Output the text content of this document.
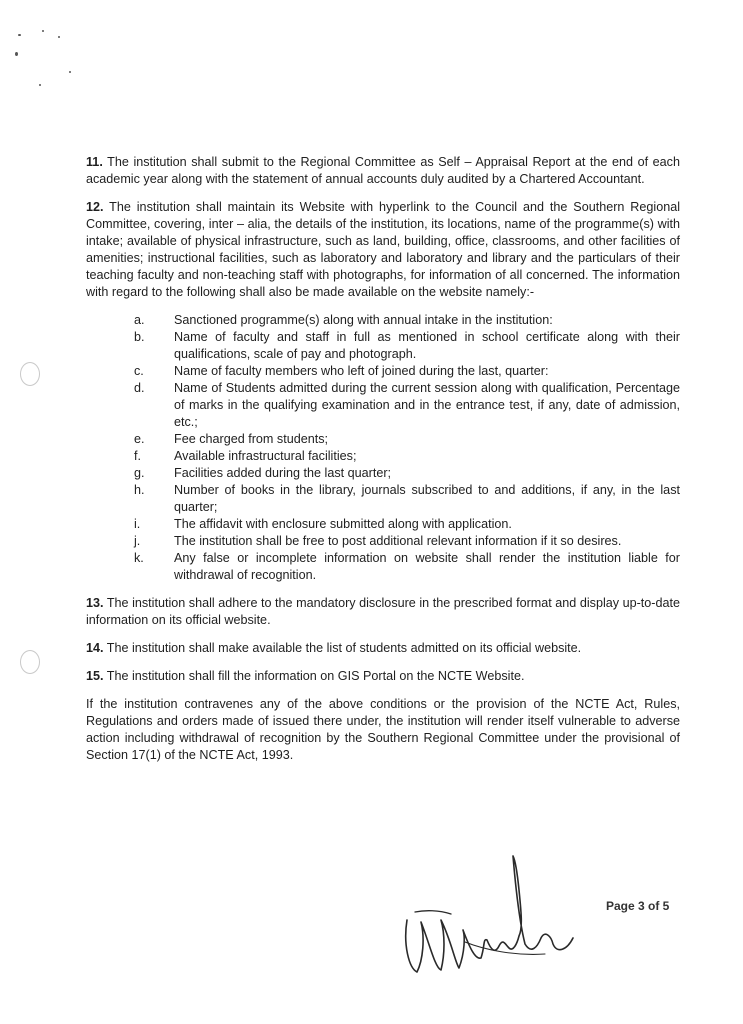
11. The institution shall submit to the Regional Committee as Self – Appraisal Report at the end of each academic year along with the statement of annual accounts duly audited by a Chartered Accountant.

12. The institution shall maintain its Website with hyperlink to the Council and the Southern Regional Committee, covering, inter – alia, the details of the institution, its locations, name of the programme(s) with intake; available of physical infrastructure, such as land, building, office, classrooms, and other facilities of amenities; instructional facilities, such as laboratory and laboratory and library and the particulars of their teaching faculty and non-teaching staff with photographs, for information of all concerned. The information with regard to the following shall also be made available on the website namely:-

a. Sanctioned programme(s) along with annual intake in the institution:
b. Name of faculty and staff in full as mentioned in school certificate along with their qualifications, scale of pay and photograph.
c. Name of faculty members who left of joined during the last, quarter:
d. Name of Students admitted during the current session along with qualification, Percentage of marks in the qualifying examination and in the entrance test, if any, date of admission, etc.;
e. Fee charged from students;
f.	Available infrastructural facilities;
g. Facilities added during the last quarter;
h. Number of books in the library, journals subscribed to and additions, if any, in the last quarter;
i.	The affidavit with enclosure submitted along with application.
j.	The institution shall be free to post additional relevant information if it so desires.
k. Any false or incomplete information on website shall render the institution liable for withdrawal of recognition.

13. The institution shall adhere to the mandatory disclosure in the prescribed format and display up-to-date information on its official website.

14. The institution shall make available the list of students admitted on its official website.

15. The institution shall fill the information on GIS Portal on the NCTE Website.

If the institution contravenes any of the above conditions or the provision of the NCTE Act, Rules, Regulations and orders made of issued there under, the institution will render itself vulnerable to adverse action including withdrawal of recognition by the Southern Regional Committee under the provisional of Section 17(1) of the NCTE Act, 1993.

Page 3 of 5
